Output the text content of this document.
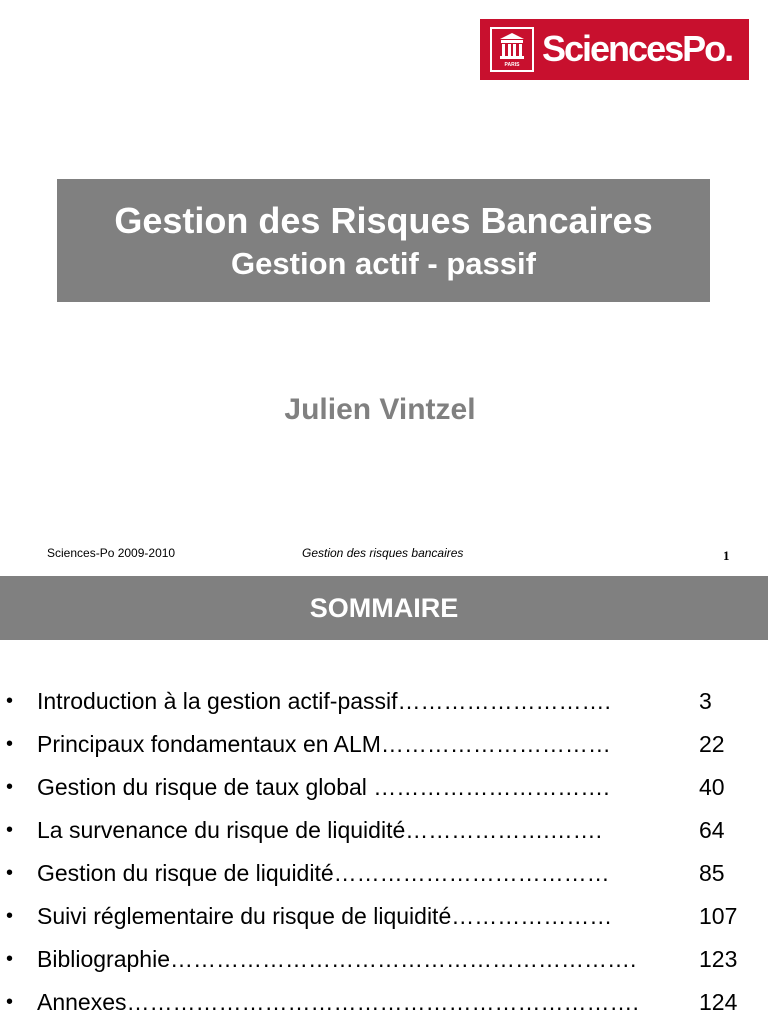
PARIS SciencesPo.
Gestion des Risques Bancaires
Gestion actif - passif
Julien Vintzel
Sciences-Po 2009-2010	Gestion des risques bancaires	1
SOMMAIRE
• Introduction à la gestion actif-passif……………………….	3
• Principaux fondamentaux en ALM…………………………	22
• Gestion du risque de taux global ………………………….	40
• La survenance du risque de liquidité……………….…….	64
• Gestion du risque de liquidité………………………………	85
• Suivi réglementaire du risque de liquidité…………………	107
• Bibliographie…………………………………………………….	123
• Annexes………………………………………………………….	124
